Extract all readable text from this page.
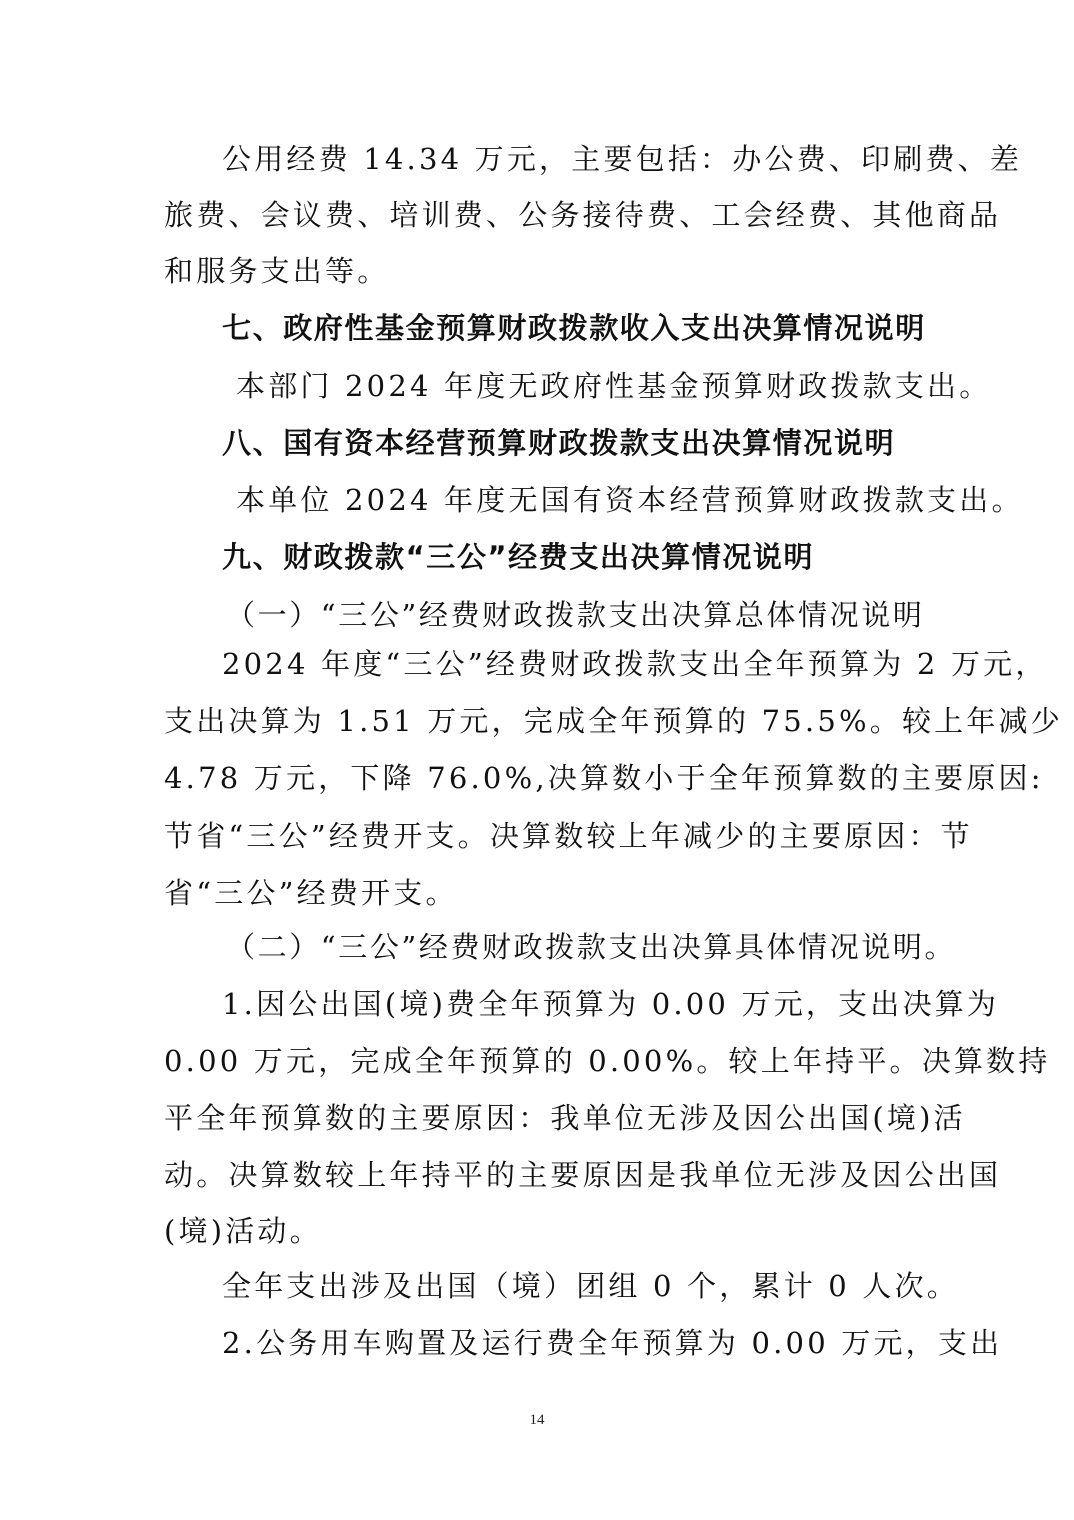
公用经费 14.34 万元，主要包括：办公费、印刷费、差
旅费、会议费、培训费、公务接待费、工会经费、其他商品
和服务支出等。
七、政府性基金预算财政拨款收入支出决算情况说明
本部门 2024 年度无政府性基金预算财政拨款支出。
八、国有资本经营预算财政拨款支出决算情况说明
本单位 2024 年度无国有资本经营预算财政拨款支出。
九、财政拨款“三公”经费支出决算情况说明
（一）“三公”经费财政拨款支出决算总体情况说明
2024 年度“三公”经费财政拨款支出全年预算为 2 万元，
支出决算为 1.51 万元，完成全年预算的 75.5%。较上年减少
4.78 万元，下降 76.0%,决算数小于全年预算数的主要原因:
节省“三公”经费开支。决算数较上年减少的主要原因：节
省“三公”经费开支。
（二）“三公”经费财政拨款支出决算具体情况说明。
1.因公出国(境)费全年预算为 0.00 万元，支出决算为
0.00 万元，完成全年预算的 0.00%。较上年持平。决算数持
平全年预算数的主要原因：我单位无涉及因公出国(境)活
动。决算数较上年持平的主要原因是我单位无涉及因公出国
(境)活动。
全年支出涉及出国（境）团组 0 个，累计 0 人次。
2.公务用车购置及运行费全年预算为 0.00 万元，支出
14
